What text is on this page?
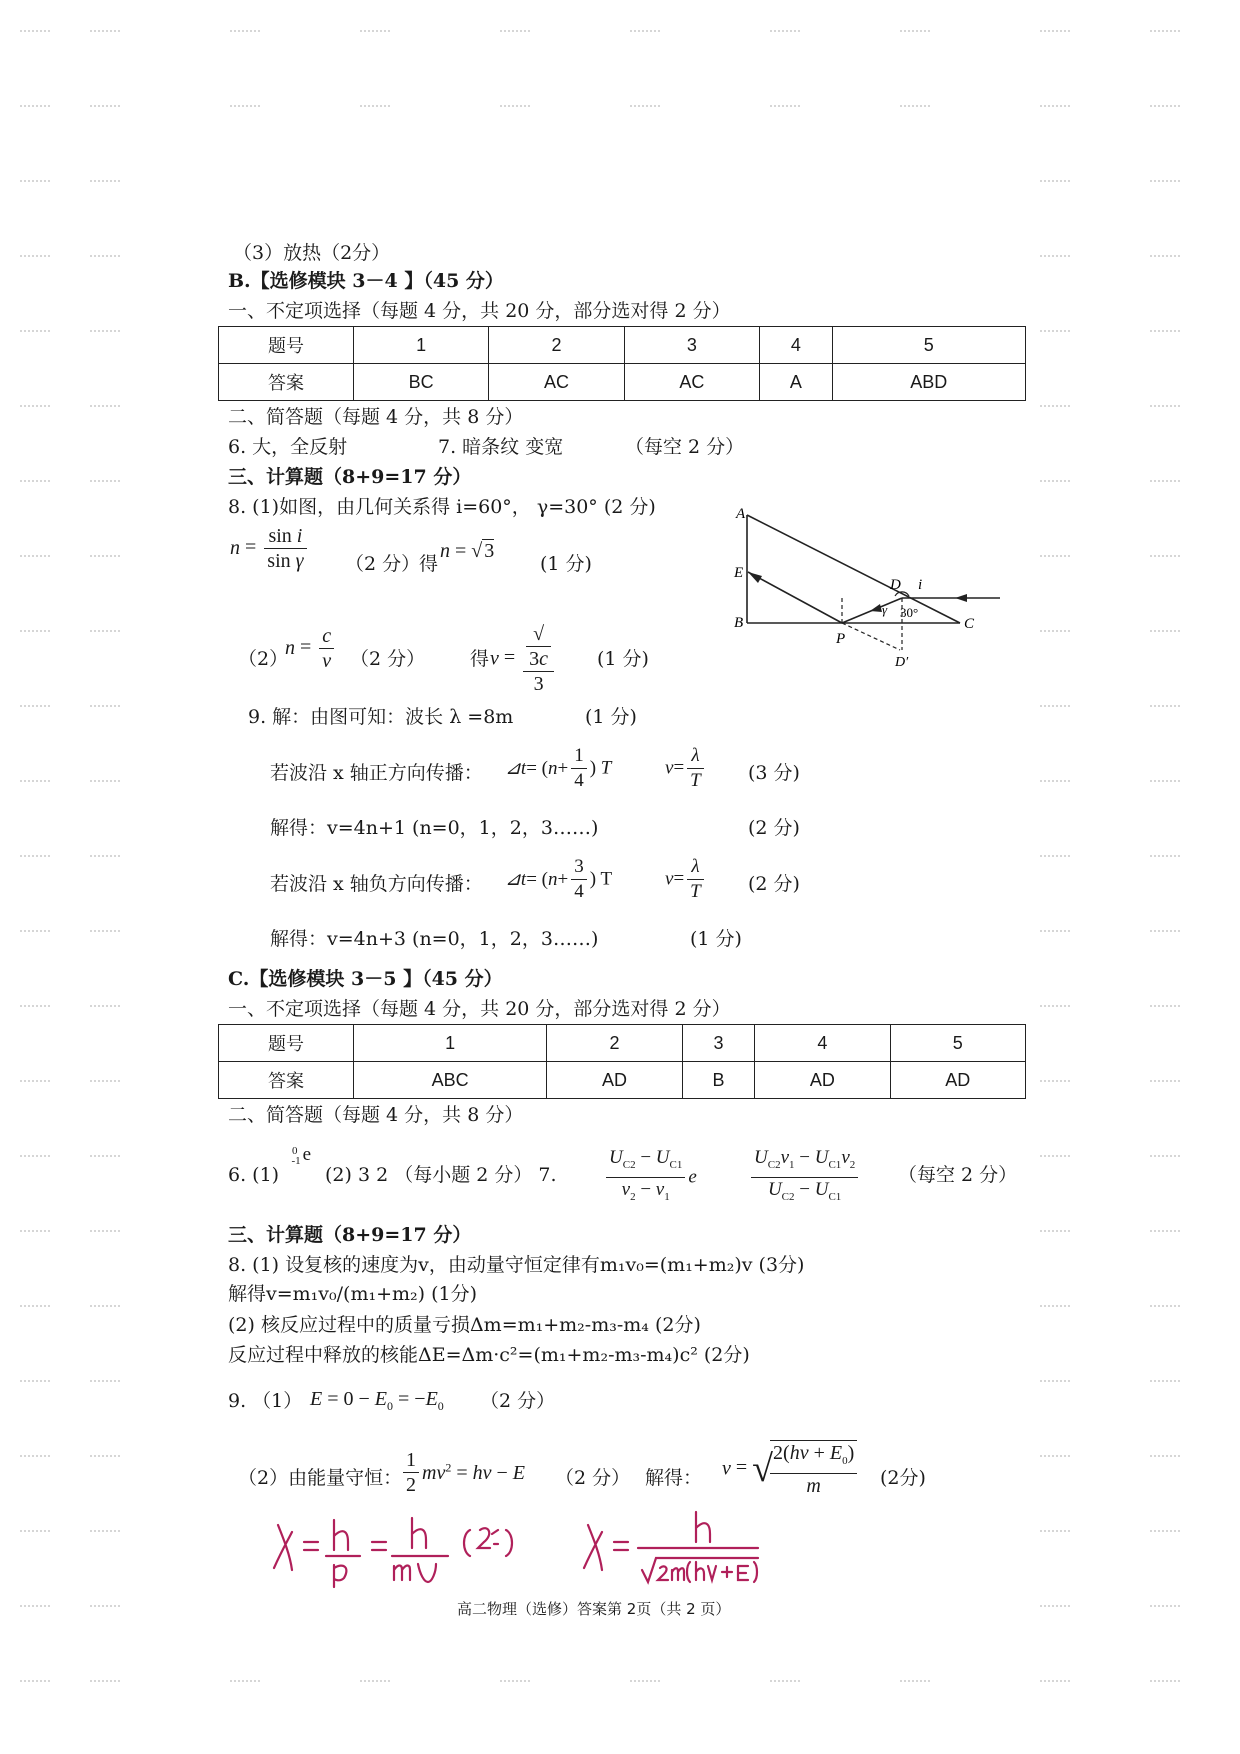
（3）放热（2分）
B.【选修模块 3－4 】（45 分）
一、不定项选择（每题 4 分，共 20 分，部分选对得 2 分）
题号	1	2	3	4	5
答案	BC	AC	AC	A	ABD
二、简答题（每题 4 分，共 8 分）
6. 大，全反射	7. 暗条纹 变宽	（每空 2 分）
三、计算题（8+9=17 分）
8. (1)如图，由几何关系得 i=60°， γ=30° (2 分)
$n = \frac{\text{sin i}}{\text{sin γ}} (2$ 分）
得
n = √ 3
(1 分)
（2）
$n = \frac{c}{v} (2$ 分） 得 v = √
3c
3 (1 分)
A
E
B
P
C
D i
γ 30°
D′
9. 解：由图可知：波长 λ =8m	(1 分)
若波沿 x 轴正方向传播： ⊿t= ($n+ \frac{1}{4}$ ) T	$v= \frac{\lambda}{T} (3$ 分)
解得：v=4n+1 (n=0，1，2，3……)	(2 分)
若波沿 x 轴负方向传播： ⊿t= ($n+ \frac{3}{4}$ ) T	$v= \frac{\lambda}{T} (2$ 分)
解得：v=4n+3 (n=0，1，2，3……)	(1 分)
C.【选修模块 3－5 】（45 分）
一、不定项选择（每题 4 分，共 20 分，部分选对得 2 分）
题号	1	2	3	4	5
答案	ABC	AD	B	AD	AD
二、简答题（每题 4 分，共 8 分）
6. (1)
$^0$-1 e
(2) 3 2 （每小题 2 分） 7.	$\frac{U_{C2} - U_{C1}}{\nu_2 - \nu_1}$ e	$\frac{U_{C2}\nu_1 - U_{C1}\nu_2}{U_{C2} - U_{C1}}$ （每空 2 分）
三、计算题（8+9=17 分）
8. (1) 设复核的速度为v，由动量守恒定律有m₁v₀=(m₁+m₂)v (3分)
解得v=m₁v₀/(m₁+m₂) (1分)
(2) 核反应过程中的质量亏损Δm=m₁+m₂-m₃-m₄ (2分)
反应过程中释放的核能ΔE=Δm·c²=(m₁+m₂-m₃-m₄)c² (2分)
9. （1） $E = 0 - E_0 = -E_0$ （2 分）
（2）由能量守恒： $\frac{1}{2} mv^2 = h\nu - E$ （2 分） 解得： v = √
$\frac{2(h\nu + E_0)}{m} (2$分)
高二物理（选修）答案第 2页（共 2 页）
